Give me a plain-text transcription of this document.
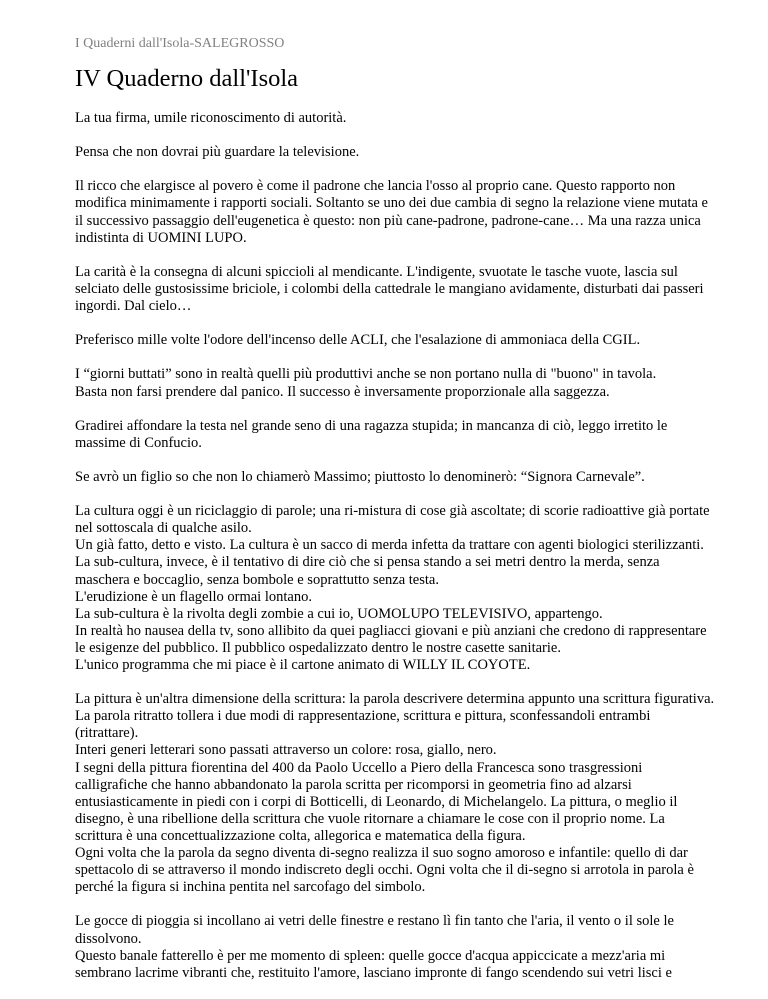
I Quaderni dall'Isola-SALEGROSSO
IV Quaderno dall'Isola

La tua firma, umile riconoscimento di autorità.

Pensa che non dovrai più guardare la televisione.

Il ricco che elargisce al povero è come il padrone che lancia l'osso al proprio cane. Questo rapporto non modifica minimamente i rapporti sociali. Soltanto se uno dei due cambia di segno la relazione viene mutata e il successivo passaggio dell'eugenetica è questo: non più cane-padrone, padrone-cane… Ma una razza unica indistinta di UOMINI LUPO.

La carità è la consegna di alcuni spiccioli al mendicante. L'indigente, svuotate le tasche vuote, lascia sul selciato delle gustosissime briciole, i colombi della cattedrale le mangiano avidamente, disturbati dai passeri ingordi. Dal cielo…

Preferisco mille volte l'odore dell'incenso delle ACLI, che l'esalazione di ammoniaca della CGIL.

I “giorni buttati” sono in realtà quelli più produttivi anche se non portano nulla di "buono" in tavola.
Basta non farsi prendere dal panico. Il successo è inversamente proporzionale alla saggezza.

Gradirei affondare la testa nel grande seno di una ragazza stupida; in mancanza di ciò, leggo irretito le massime di Confucio.

Se avrò un figlio so che non lo chiamerò Massimo; piuttosto lo denominerò: “Signora Carnevale”.

La cultura oggi è un riciclaggio di parole; una ri-mistura di cose già ascoltate; di scorie radioattive già portate nel sottoscala di qualche asilo.
Un già fatto, detto e visto. La cultura è un sacco di merda infetta da trattare con agenti biologici sterilizzanti. La sub-cultura, invece, è il tentativo di dire ciò che si pensa stando a sei metri dentro la merda, senza maschera e boccaglio, senza bombole e soprattutto senza testa.
L'erudizione è un flagello ormai lontano.
La sub-cultura è la rivolta degli zombie a cui io, UOMOLUPO TELEVISIVO, appartengo.
In realtà ho nausea della tv, sono allibito da quei pagliacci giovani e più anziani che credono di rappresentare le esigenze del pubblico. Il pubblico ospedalizzato dentro le nostre casette sanitarie.
L'unico programma che mi piace è il cartone animato di WILLY IL COYOTE.

La pittura è un'altra dimensione della scrittura: la parola descrivere determina appunto una scrittura figurativa.
La parola ritratto tollera i due modi di rappresentazione, scrittura e pittura, sconfessandoli entrambi (ritrattare).
Interi generi letterari sono passati attraverso un colore: rosa, giallo, nero.
I segni della pittura fiorentina del 400 da Paolo Uccello a Piero della Francesca sono trasgressioni calligrafiche che hanno abbandonato la parola scritta per ricomporsi in geometria fino ad alzarsi entusiasticamente in piedi con i corpi di Botticelli, di Leonardo, di Michelangelo. La pittura, o meglio il disegno, è una ribellione della scrittura che vuole ritornare a chiamare le cose con il proprio nome. La scrittura è una concettualizzazione colta, allegorica e matematica della figura.
Ogni volta che la parola da segno diventa di-segno realizza il suo sogno amoroso e infantile: quello di dar spettacolo di se attraverso il mondo indiscreto degli occhi. Ogni volta che il di-segno si arrotola in parola è perché la figura si inchina pentita nel sarcofago del simbolo.

Le gocce di pioggia si incollano ai vetri delle finestre e restano lì fin tanto che l'aria, il vento o il sole le dissolvono.
Questo banale fatterello è per me momento di spleen: quelle gocce d'acqua appiccicate a mezz'aria mi sembrano lacrime vibranti che, restituito l'amore, lasciano impronte di fango scendendo sui vetri lisci e
